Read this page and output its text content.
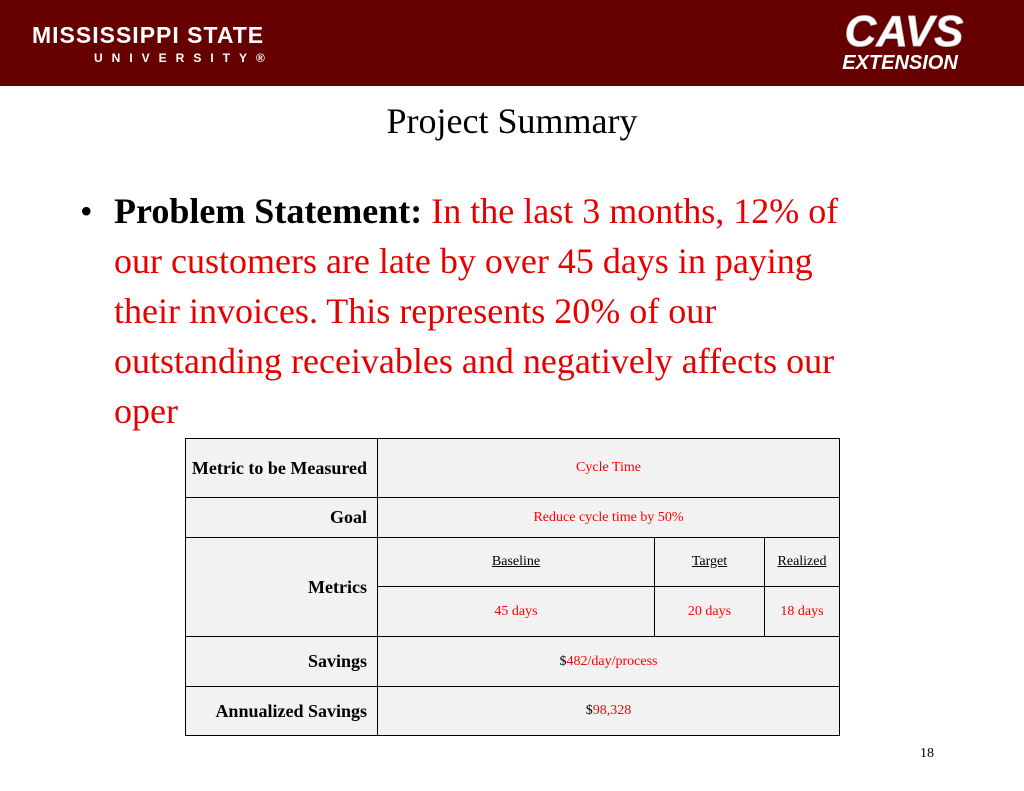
MISSISSIPPI STATE
UNIVERSITY®
CAVS
EXTENSION
Project Summary
• Problem Statement: In the last 3 months, 12% of our customers are late by over 45 days in paying their invoices. This represents 20% of our outstanding receivables and negatively affects our oper
Metric to be Measured	Cycle Time		
Goal	Reduce cycle time by 50%		
Metrics	Baseline	Target	Realized
	45 days	20 days	18 days
Savings	$482/day/process		
Annualized Savings	$98,328		
18
